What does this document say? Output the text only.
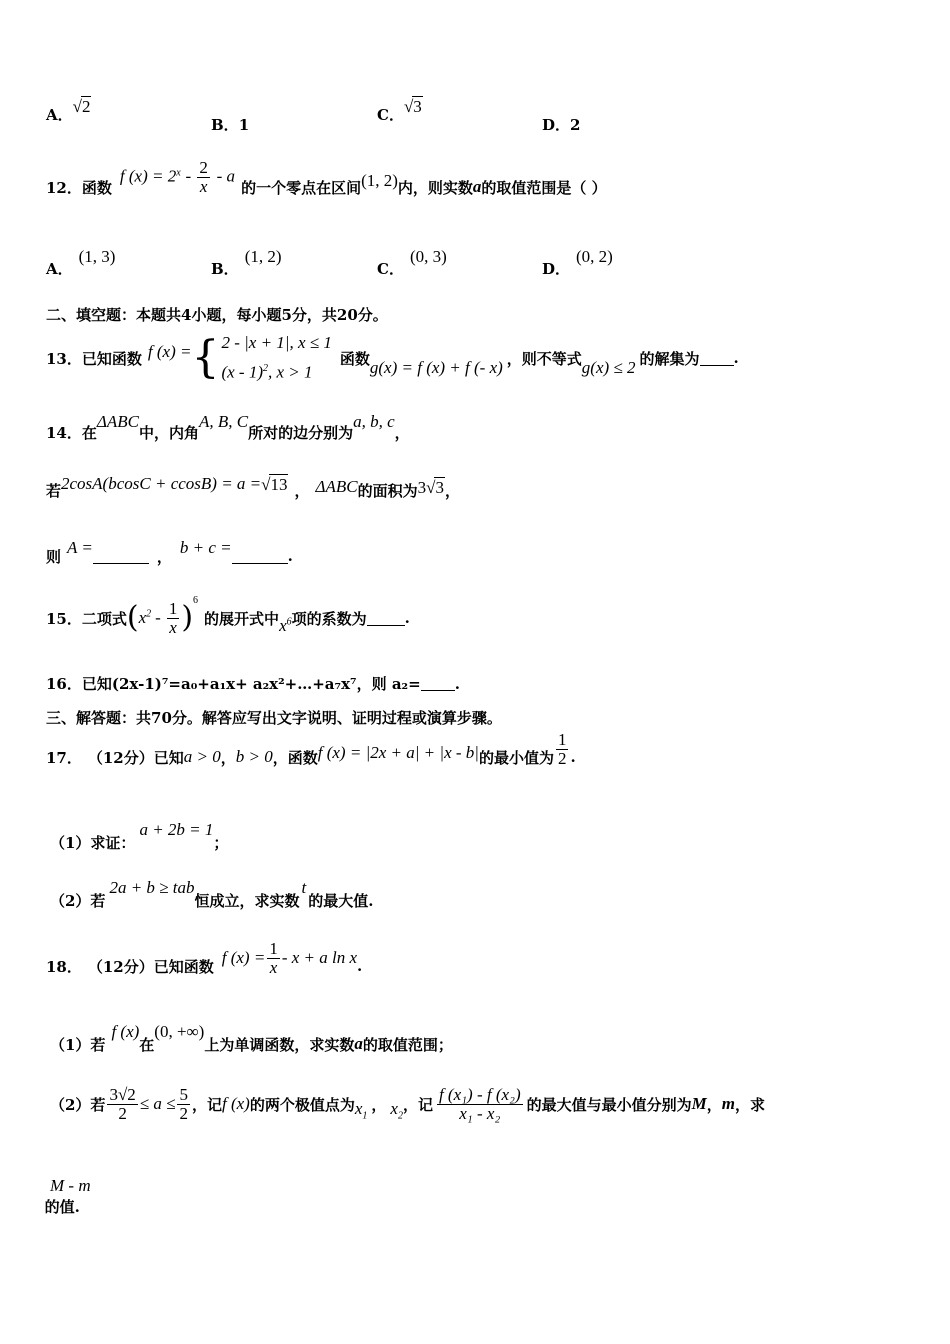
A．√2
B．1
C．√3
D．2
12． 函数
f $(x) = 2^x - \frac{2}{x} - a$
的一个零点在区间 (1, 2) 内，则实数 a 的取值范围是（ ）
A．(1, 3)
B．(1, 2)
C．(0, 3)
D．(0, 2)
二、填空题：本题共4小题，每小题5分，共20分。
13． 已知函数 f (x) = { 2 - |x + 1|, x ≤ 1
(x - 1)$^2$, x > 1
函数 g(x) = f (x) + f (- x) ，则不等式 g(x) ≤ 2 的解集为 .
14． 在
ΔABC
中，内角
A, B, C
所对的边分别为
a, b, c
，
若 2cosA(bcosC + ccosB) = a = √13 ， ΔABC 的面积为 3√3 ，
则 A =	， b + c =	.
15． 二项式 ( $x^2 - \frac{1}{x}$ ) 6
的展开式中 $x^6$ 项的系数为	.
16． 已知(2x-1)⁷=a₀+a₁x+ a₂x²+…+a₇x⁷，则 a₂= .
三、解答题：共70分。解答应写出文字说明、证明过程或演算步骤。
17． （12分）已知 a > 0 ， b > 0 ，函数 f (x) = |2x + a| + |x - b| 的最小值为 $\frac{1}{2}$ .
（1）求证：
a + 2b = 1
；
（2）若
2a + b ≥ tab
恒成立，求实数
t
的最大值.
18． （12分）已知函数 f $(x) = \frac{1}{x} - x + a$ ln x .
（1）若
f (x)
在
(0, +∞)
上为单调函数，求实数 a 的取值范围；
（2）若 $\frac{3√2}{2} \le a \le \frac{5}{2}$ ，记 f (x) 的两个极值点为 $x_1$
， $x_2$
，记 $\frac{\text{f (x₁) - f (x₂)}}{\text{x₁ - x₂}}$ 的最大值与最小值分别为 M ， m ，求
M - m
的值.
